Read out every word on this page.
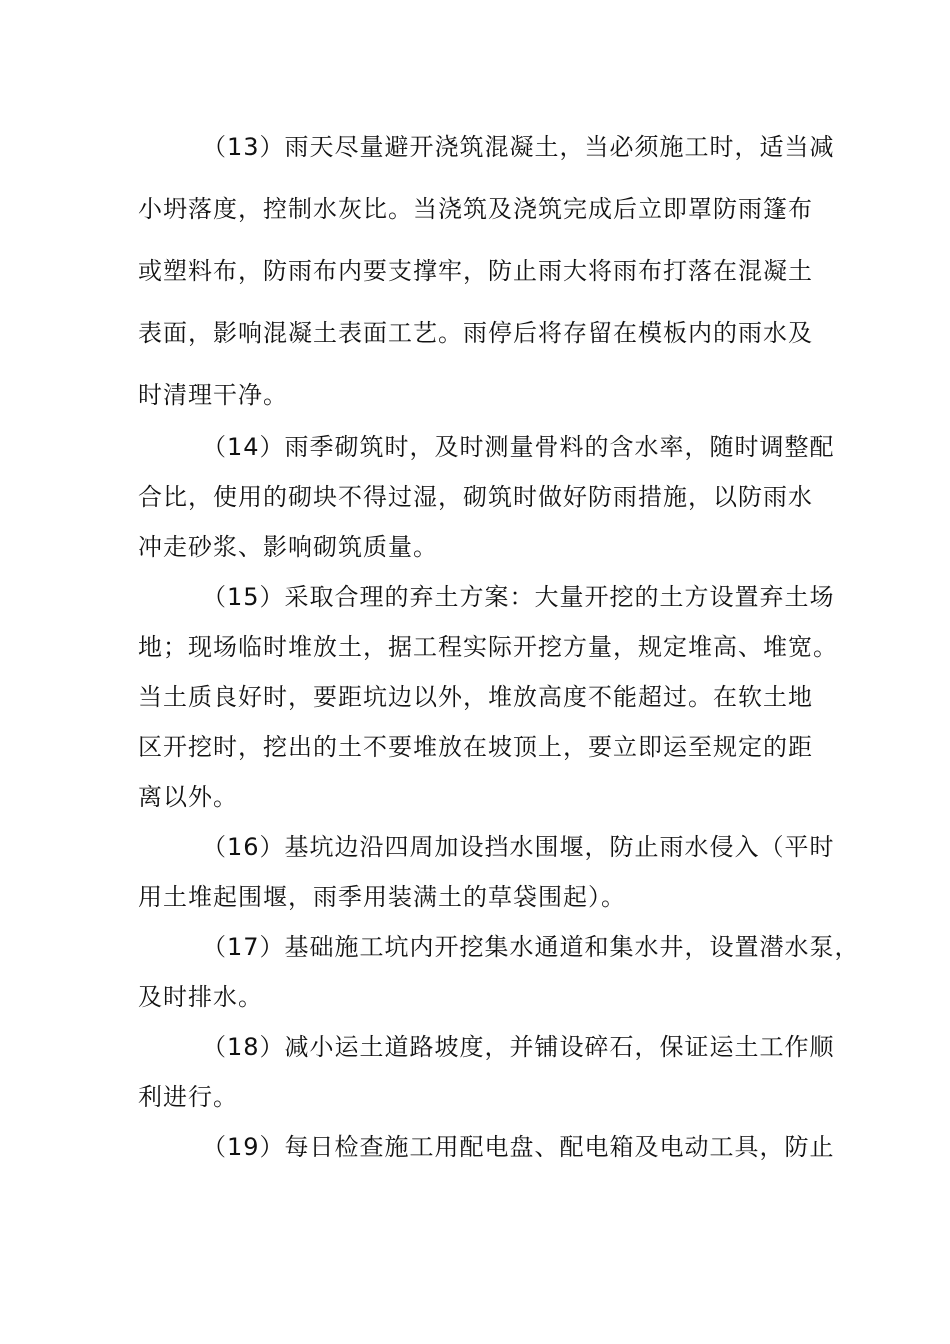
（13）雨天尽量避开浇筑混凝土，当必须施工时，适当减
小坍落度，控制水灰比。当浇筑及浇筑完成后立即罩防雨篷布
或塑料布，防雨布内要支撑牢，防止雨大将雨布打落在混凝土
表面，影响混凝土表面工艺。雨停后将存留在模板内的雨水及
时清理干净。
（14）雨季砌筑时，及时测量骨料的含水率，随时调整配
合比，使用的砌块不得过湿，砌筑时做好防雨措施，以防雨水
冲走砂浆、影响砌筑质量。
（15）采取合理的弃土方案：大量开挖的土方设置弃土场
地；现场临时堆放土，据工程实际开挖方量，规定堆高、堆宽。
当土质良好时，要距坑边以外，堆放高度不能超过。在软土地
区开挖时，挖出的土不要堆放在坡顶上，要立即运至规定的距
离以外。
（16）基坑边沿四周加设挡水围堰，防止雨水侵入（平时
用土堆起围堰，雨季用装满土的草袋围起）。
（17）基础施工坑内开挖集水通道和集水井，设置潜水泵，
及时排水。
（18）减小运土道路坡度，并铺设碎石，保证运土工作顺
利进行。
（19）每日检查施工用配电盘、配电箱及电动工具，防止
